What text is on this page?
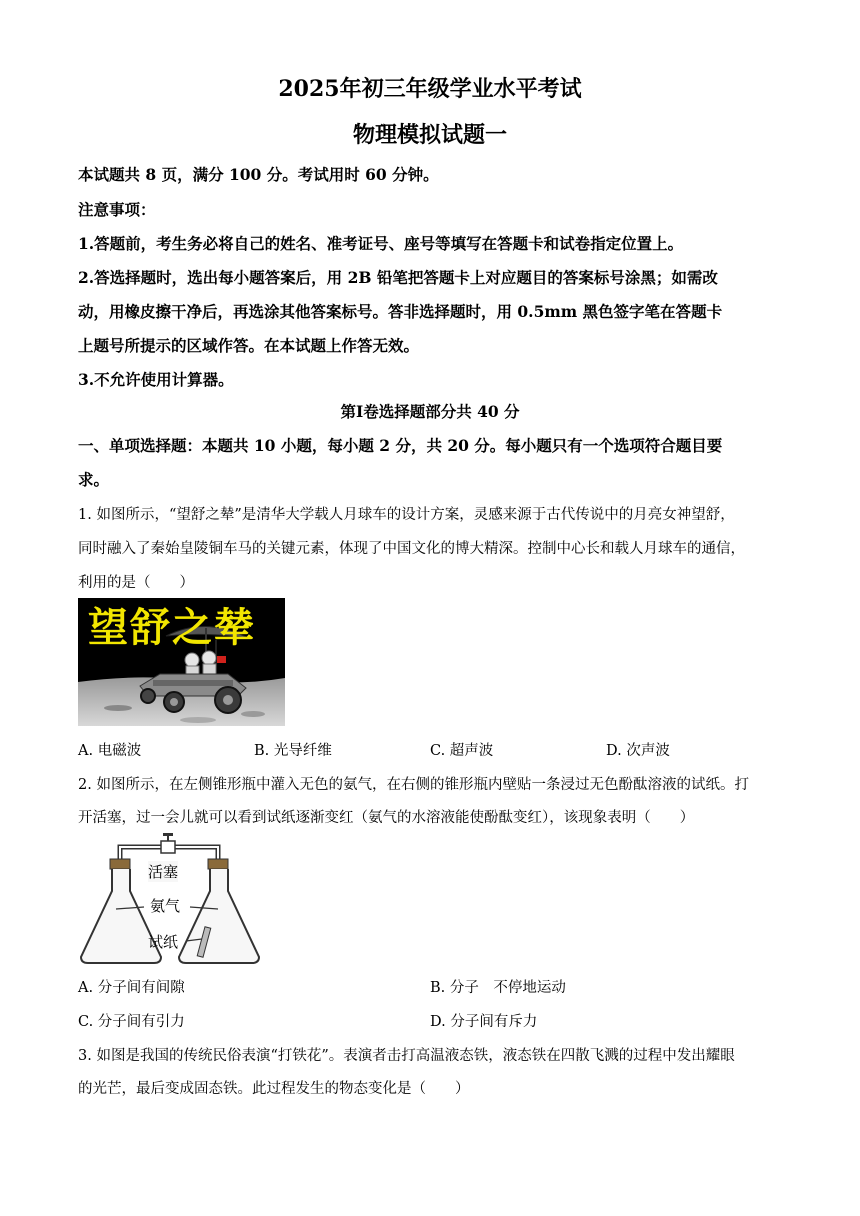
2025年初三年级学业水平考试
物理模拟试题一
本试题共 8 页，满分 100 分。考试用时 60 分钟。
注意事项：
1.答题前，考生务必将自己的姓名、准考证号、座号等填写在答题卡和试卷指定位置上。
2.答选择题时，选出每小题答案后，用 2B 铅笔把答题卡上对应题目的答案标号涂黑；如需改
动，用橡皮擦干净后，再选涂其他答案标号。答非选择题时，用 0.5mm 黑色签字笔在答题卡
上题号所提示的区域作答。在本试题上作答无效。
3.不允许使用计算器。
第Ⅰ卷选择题部分共 40 分
一、单项选择题：本题共 10 小题，每小题 2 分，共 20 分。每小题只有一个选项符合题目要
求。
1. 如图所示，“望舒之辇”是清华大学载人月球车的设计方案，灵感来源于古代传说中的月亮女神望舒，
同时融入了秦始皇陵铜车马的关键元素，体现了中国文化的博大精深。控制中心长和载人月球车的通信，
利用的是（　　）
望舒之辇
A. 电磁波	B. 光导纤维	C. 超声波	D. 次声波
2. 如图所示，在左侧锥形瓶中灌入无色的氨气，在右侧的锥形瓶内壁贴一条浸过无色酚酞溶液的试纸。打
开活塞，过一会儿就可以看到试纸逐渐变红（氨气的水溶液能使酚酞变红），该现象表明（　　）
活塞
氨气
试纸
A. 分子间有间隙	B. 分子　不停地运动
C. 分子间有引力	D. 分子间有斥力
3. 如图是我国的传统民俗表演“打铁花”。表演者击打高温液态铁，液态铁在四散飞溅的过程中发出耀眼
的光芒，最后变成固态铁。此过程发生的物态变化是（　　）
